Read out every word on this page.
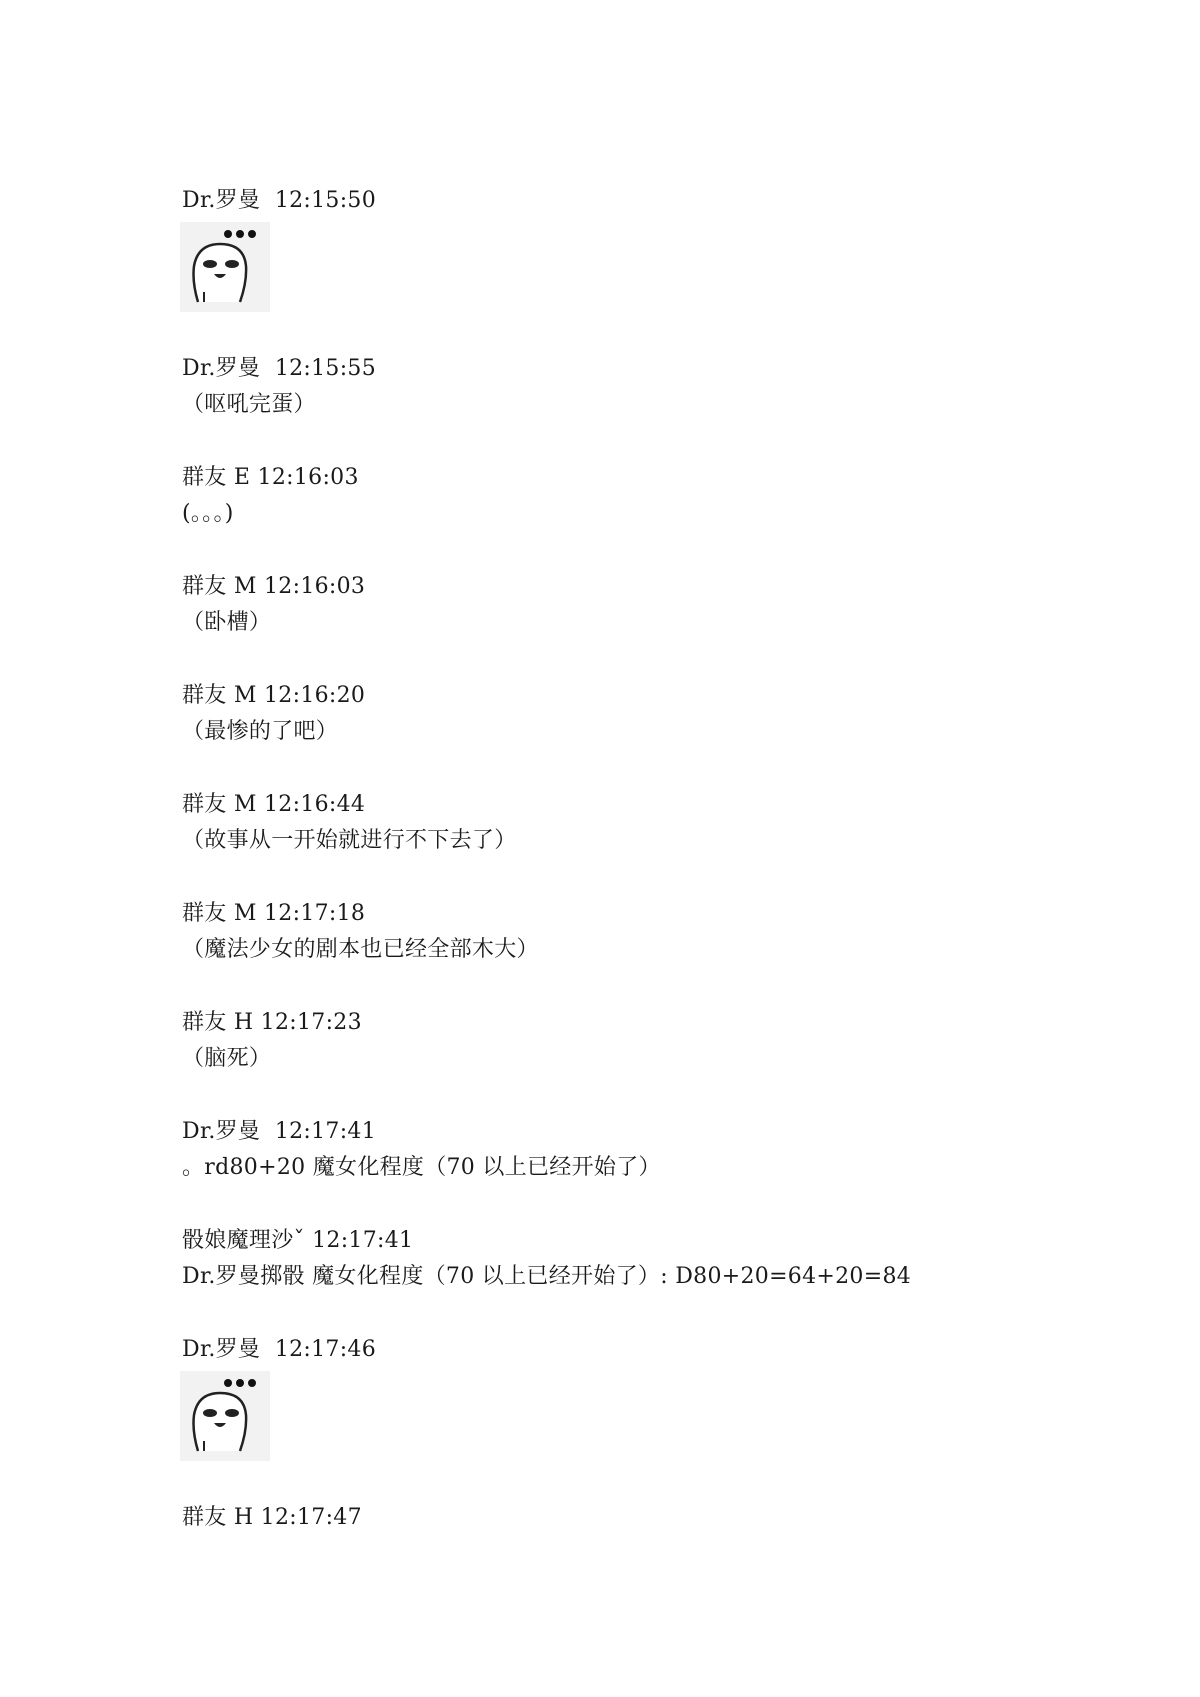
Dr.罗曼  12:15:50
Dr.罗曼  12:15:55
（呕吼完蛋）
群友 E 12:16:03
(。。。)
群友 M 12:16:03
（卧槽）
群友 M 12:16:20
（最惨的了吧）
群友 M 12:16:44
（故事从一开始就进行不下去了）
群友 M 12:17:18
（魔法少女的剧本也已经全部木大）
群友 H 12:17:23
（脑死）
Dr.罗曼  12:17:41
。rd80+20 魔女化程度（70 以上已经开始了）
骰娘魔理沙ˇ 12:17:41
Dr.罗曼掷骰 魔女化程度（70 以上已经开始了）: D80+20=64+20=84
Dr.罗曼  12:17:46
群友 H 12:17:47
